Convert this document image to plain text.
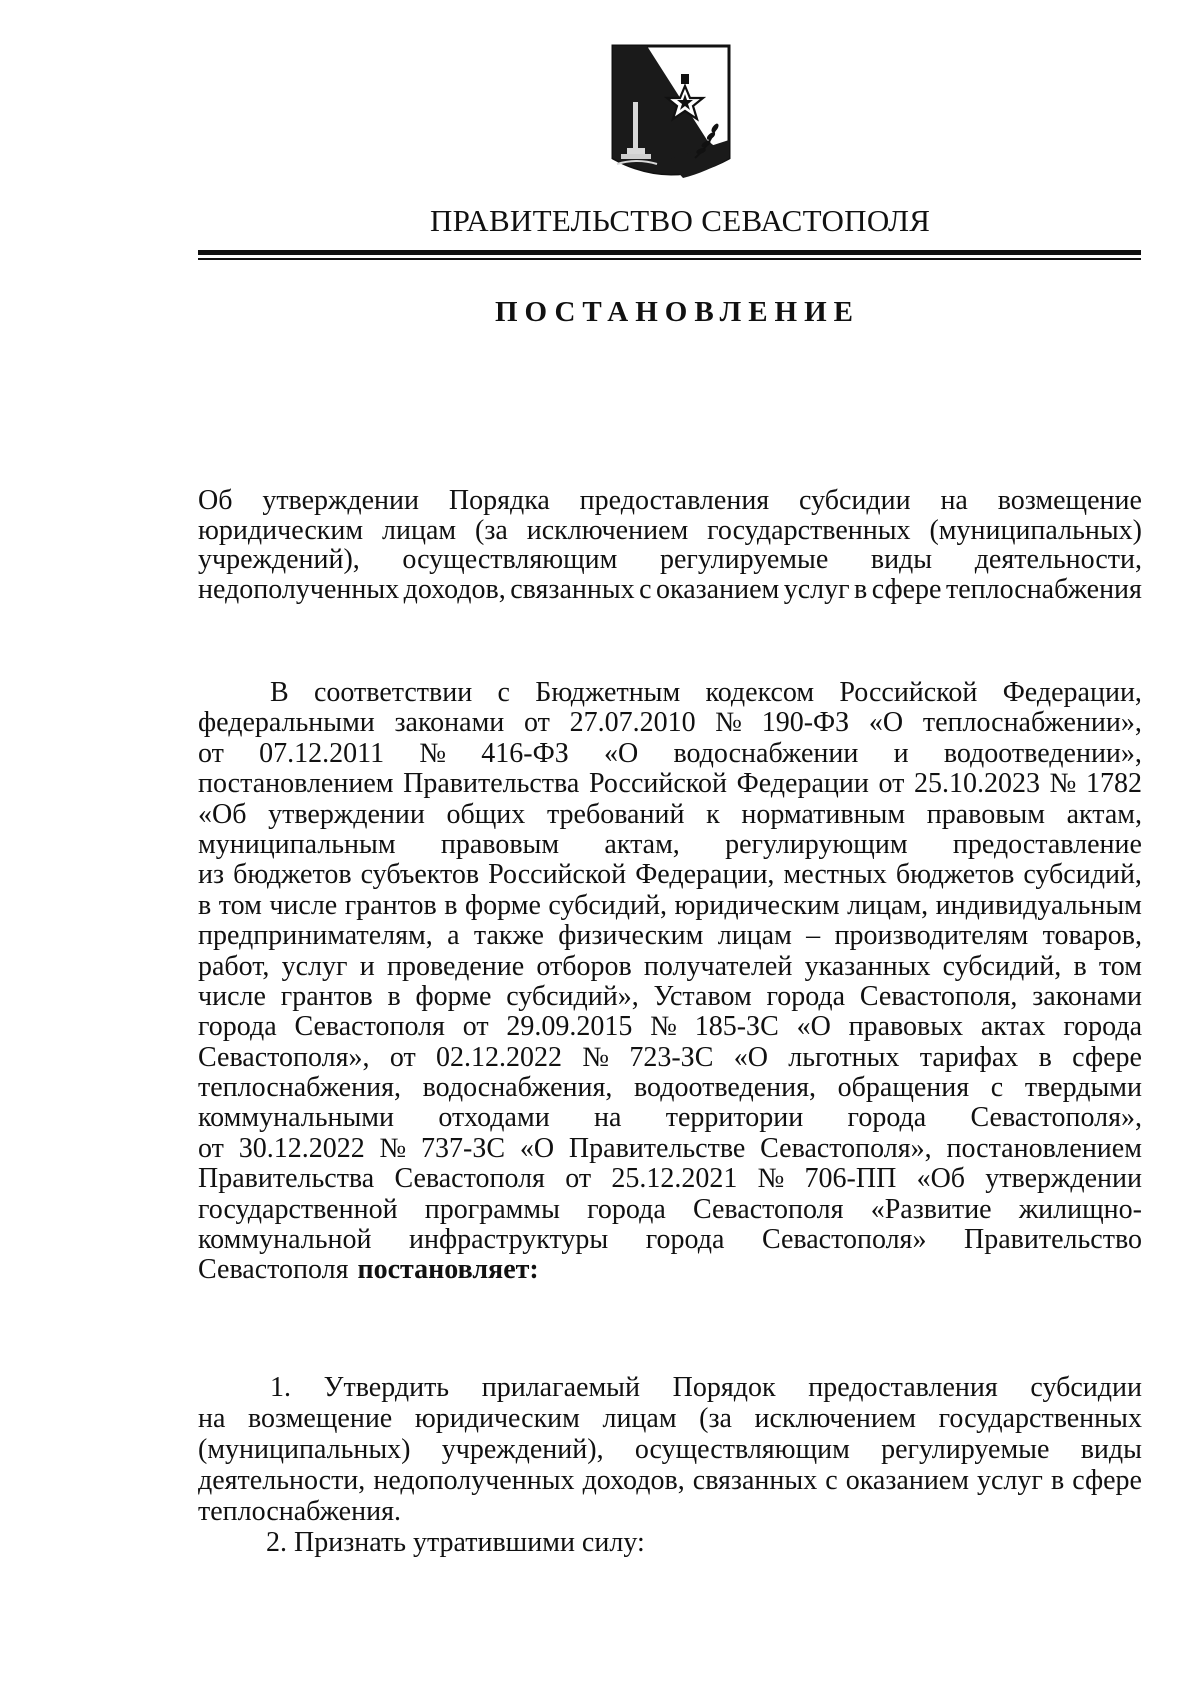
ПРАВИТЕЛЬСТВО СЕВАСТОПОЛЯ
ПОСТАНОВЛЕНИЕ
Об утверждении Порядка предоставления субсидии на возмещение
юридическим лицам (за исключением государственных (муниципальных)
учреждений), осуществляющим регулируемые виды деятельности,
недополученных доходов, связанных с оказанием услуг в сфере теплоснабжения
В соответствии с Бюджетным кодексом Российской Федерации,
федеральными законами от 27.07.2010 № 190-ФЗ «О теплоснабжении»,
от 07.12.2011 № 416-ФЗ «О водоснабжении и водоотведении»,
постановлением Правительства Российской Федерации от 25.10.2023 № 1782
«Об утверждении общих требований к нормативным правовым актам,
муниципальным правовым актам, регулирующим предоставление
из бюджетов субъектов Российской Федерации, местных бюджетов субсидий,
в том числе грантов в форме субсидий, юридическим лицам, индивидуальным
предпринимателям, а также физическим лицам – производителям товаров,
работ, услуг и проведение отборов получателей указанных субсидий, в том
числе грантов в форме субсидий», Уставом города Севастополя, законами
города Севастополя от 29.09.2015 № 185-ЗС «О правовых актах города
Севастополя», от 02.12.2022 № 723-ЗС «О льготных тарифах в сфере
теплоснабжения, водоснабжения, водоотведения, обращения с твердыми
коммунальными отходами на территории города Севастополя»,
от 30.12.2022 № 737-ЗС «О Правительстве Севастополя», постановлением
Правительства Севастополя от 25.12.2021 № 706-ПП «Об утверждении
государственной программы города Севастополя «Развитие жилищно-
коммунальной инфраструктуры города Севастополя» Правительство
Севастополя постановляет:
1. Утвердить прилагаемый Порядок предоставления субсидии
на возмещение юридическим лицам (за исключением государственных
(муниципальных) учреждений), осуществляющим регулируемые виды
деятельности, недополученных доходов, связанных с оказанием услуг в сфере
теплоснабжения.
2. Признать утратившими силу:
